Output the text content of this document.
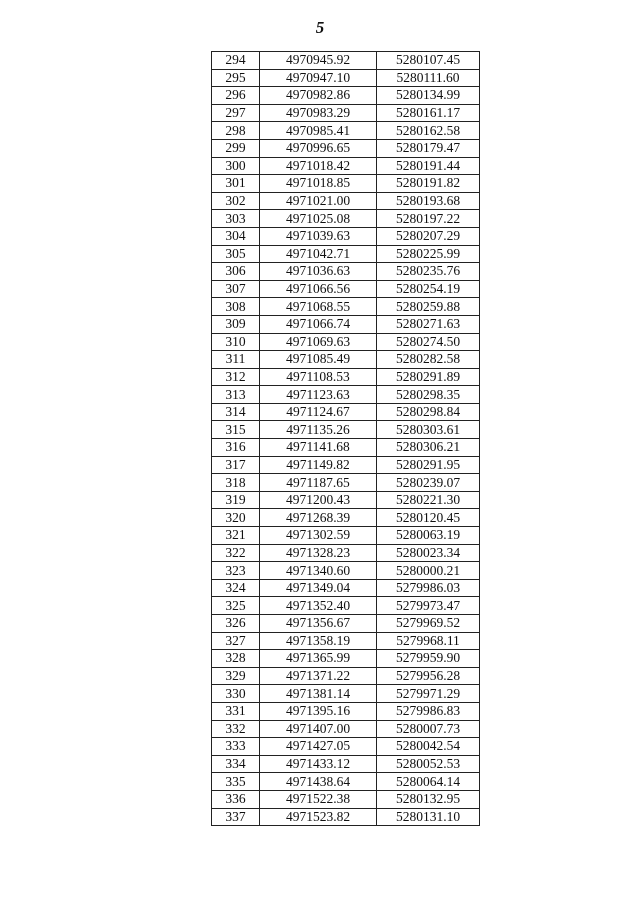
5
294	4970945.92	5280107.45
295	4970947.10	5280111.60
296	4970982.86	5280134.99
297	4970983.29	5280161.17
298	4970985.41	5280162.58
299	4970996.65	5280179.47
300	4971018.42	5280191.44
301	4971018.85	5280191.82
302	4971021.00	5280193.68
303	4971025.08	5280197.22
304	4971039.63	5280207.29
305	4971042.71	5280225.99
306	4971036.63	5280235.76
307	4971066.56	5280254.19
308	4971068.55	5280259.88
309	4971066.74	5280271.63
310	4971069.63	5280274.50
311	4971085.49	5280282.58
312	4971108.53	5280291.89
313	4971123.63	5280298.35
314	4971124.67	5280298.84
315	4971135.26	5280303.61
316	4971141.68	5280306.21
317	4971149.82	5280291.95
318	4971187.65	5280239.07
319	4971200.43	5280221.30
320	4971268.39	5280120.45
321	4971302.59	5280063.19
322	4971328.23	5280023.34
323	4971340.60	5280000.21
324	4971349.04	5279986.03
325	4971352.40	5279973.47
326	4971356.67	5279969.52
327	4971358.19	5279968.11
328	4971365.99	5279959.90
329	4971371.22	5279956.28
330	4971381.14	5279971.29
331	4971395.16	5279986.83
332	4971407.00	5280007.73
333	4971427.05	5280042.54
334	4971433.12	5280052.53
335	4971438.64	5280064.14
336	4971522.38	5280132.95
337	4971523.82	5280131.10
